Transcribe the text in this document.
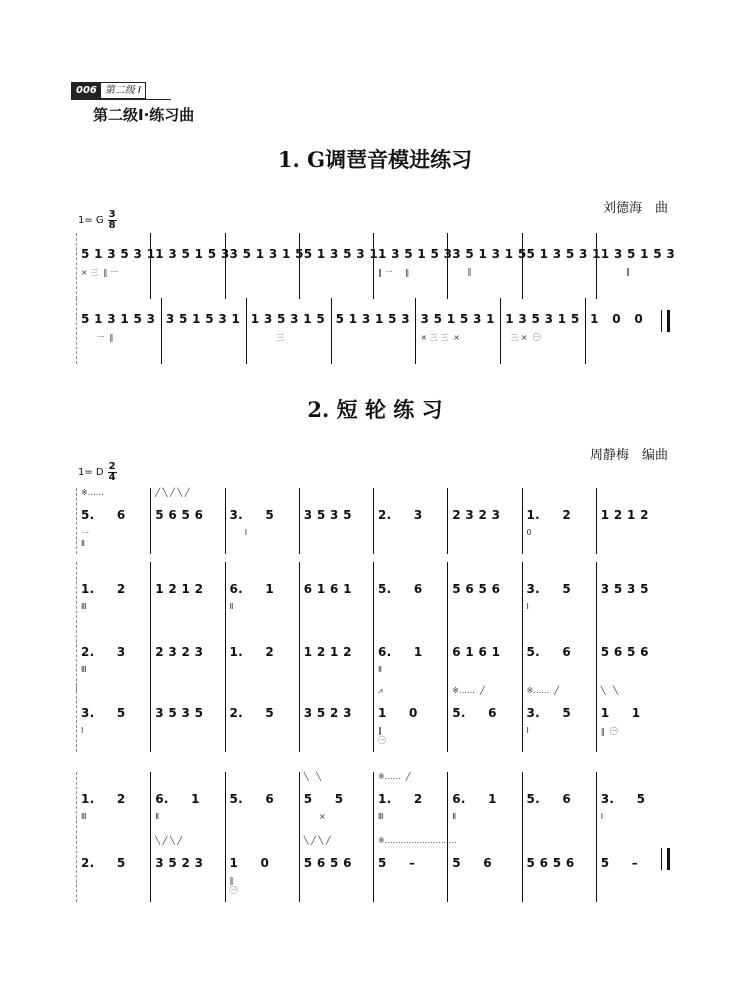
006 第二级 Ⅰ
第二级Ⅰ·练习曲
1. G调琶音模进练习
刘德海　曲
1= G $\frac{3}{8}$
5 1 3 5 3 1
× 三  ‖ 一
1 3 5 1 5 3 3 5 1 3 1 5 5 1 3 5 3 1 1 3 5 1 5 3
‖ 一     ‖
3 5 1 3 1 5
‖
5 1 3 5 3 1 1 3 5 1 5 3
‖
5 1 3 1 5 3
一  ‖
3 5 1 5 3 1 1 3 5 3 1 5
三
5 1 3 1 5 3 3 5 1 5 3 1
× 三 三  ×
1 3 5 3 1 5
三 ×  ㊀
1   0   0
2. 短 轮 练 习
周静梅　编曲
1= D $\frac{2}{4}$
※……
5.     6
一
Ⅱ
╱ ╲ ╱ ╲ ╱
5 6 5 6 3.     5
Ⅰ
3 5 3 5 2.     3 2 3 2 3 1.     2
0
1 2 1 2
1.     2
Ⅲ
1 2 1 2 6.     1
Ⅱ
6 1 6 1 5.     6 5 6 5 6 3.     5
Ⅰ
3 5 3 5
2.     3
Ⅲ
2 3 2 3 1.     2 1 2 1 2 6.     1
Ⅱ
6 1 6 1 5.     6 5 6 5 6
3.     5
Ⅰ
3 5 3 5 2.     5 3 5 2 3
⩘
1     0
‖
㊀
※……  ╱
5.     6
※……  ╱
3.     5
Ⅰ
╲   ╲
1     1
‖  ㊀
1.     2
Ⅲ
6.     1
Ⅱ
5.     6
╲   ╲
5     5
×
※……  ╱
1.     2
Ⅲ
6.     1
Ⅱ
5.     6 3.     5
Ⅰ
2.     5
╲ ╱ ╲ ╱
3 5 2 3 1     0
‖
㊀
╲ ╱ ╲ ╱
5 6 5 6
※………………………
5     –	5     6	5 6 5 6 5     –
